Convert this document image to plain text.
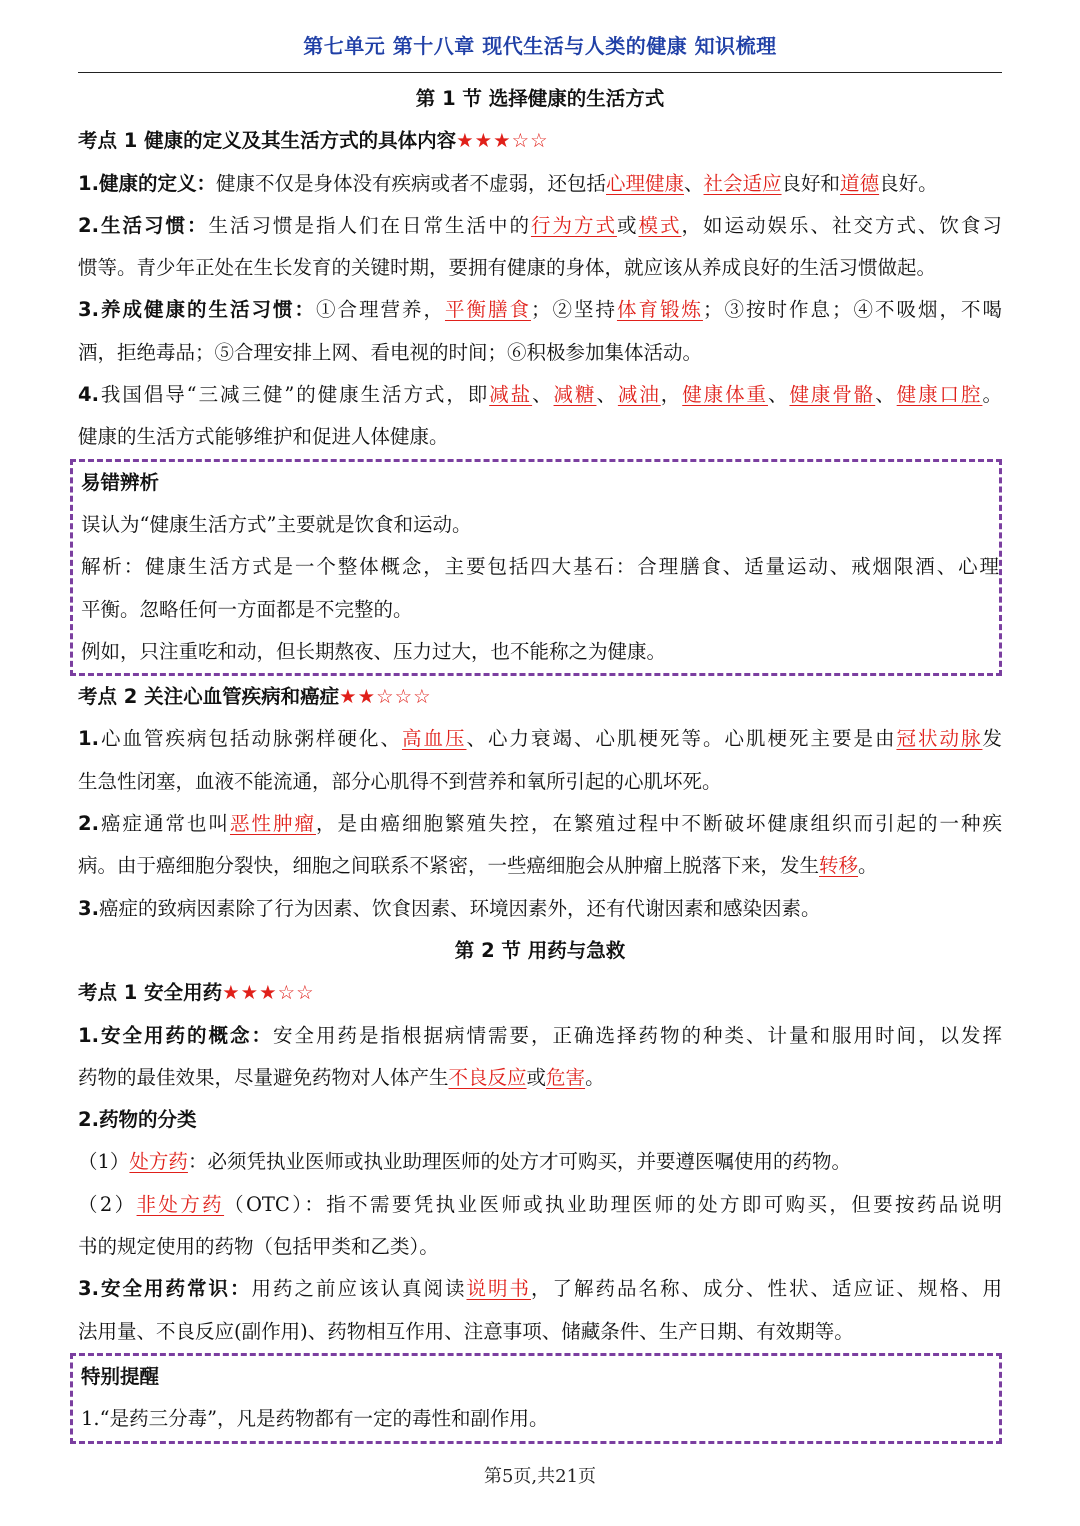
第七单元 第十八章 现代生活与人类的健康 知识梳理
第 1 节 选择健康的生活方式
考点 1 健康的定义及其生活方式的具体内容★★★☆☆
1.健康的定义：健康不仅是身体没有疾病或者不虚弱，还包括心理健康、社会适应良好和道德良好。
2.生活习惯：生活习惯是指人们在日常生活中的行为方式或模式，如运动娱乐、社交方式、饮食习
惯等。青少年正处在生长发育的关键时期，要拥有健康的身体，就应该从养成良好的生活习惯做起。
3.养成健康的生活习惯：①合理营养，平衡膳食；②坚持体育锻炼；③按时作息；④不吸烟，不喝
酒，拒绝毒品；⑤合理安排上网、看电视的时间；⑥积极参加集体活动。
4.我国倡导“三减三健”的健康生活方式，即减盐、减糖、减油，健康体重、健康骨骼、健康口腔。
健康的生活方式能够维护和促进人体健康。
易错辨析
误认为“健康生活方式”主要就是饮食和运动。
解析：健康生活方式是一个整体概念，主要包括四大基石：合理膳食、适量运动、戒烟限酒、心理
平衡。忽略任何一方面都是不完整的。
例如，只注重吃和动，但长期熬夜、压力过大，也不能称之为健康。
考点 2 关注心血管疾病和癌症★★☆☆☆
1.心血管疾病包括动脉粥样硬化、高血压、心力衰竭、心肌梗死等。心肌梗死主要是由冠状动脉发
生急性闭塞，血液不能流通，部分心肌得不到营养和氧所引起的心肌坏死。
2.癌症通常也叫恶性肿瘤，是由癌细胞繁殖失控，在繁殖过程中不断破坏健康组织而引起的一种疾
病。由于癌细胞分裂快，细胞之间联系不紧密，一些癌细胞会从肿瘤上脱落下来，发生转移。
3.癌症的致病因素除了行为因素、饮食因素、环境因素外，还有代谢因素和感染因素。
第 2 节 用药与急救
考点 1 安全用药★★★☆☆
1.安全用药的概念：安全用药是指根据病情需要，正确选择药物的种类、计量和服用时间，以发挥
药物的最佳效果，尽量避免药物对人体产生不良反应或危害。
2.药物的分类
（1）处方药：必须凭执业医师或执业助理医师的处方才可购买，并要遵医嘱使用的药物。
（2）非处方药（OTC）：指不需要凭执业医师或执业助理医师的处方即可购买，但要按药品说明
书的规定使用的药物（包括甲类和乙类）。
3.安全用药常识：用药之前应该认真阅读说明书，了解药品名称、成分、性状、适应证、规格、用
法用量、不良反应(副作用)、药物相互作用、注意事项、储藏条件、生产日期、有效期等。
特别提醒
1.“是药三分毒”，凡是药物都有一定的毒性和副作用。
第5页,共21页
